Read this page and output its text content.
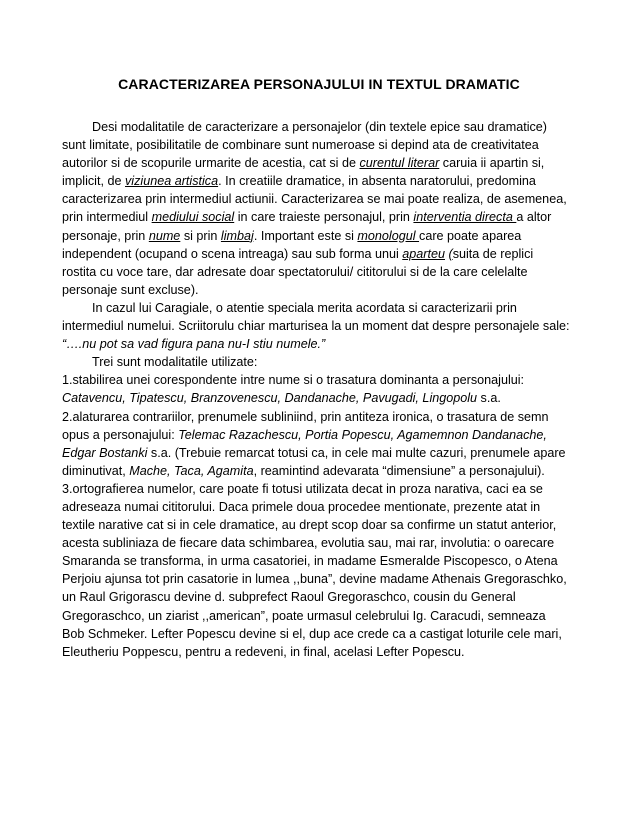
CARACTERIZAREA PERSONAJULUI IN TEXTUL DRAMATIC

Desi modalitatile de caracterizare a personajelor (din textele epice sau dramatice) sunt limitate, posibilitatile de combinare sunt numeroase si depind ata de creativitatea autorilor si de scopurile urmarite de acestia, cat si de curentul literar caruia ii apartin si, implicit, de viziunea artistica. In creatiile dramatice, in absenta naratorului, predomina caracterizarea prin intermediul actiunii. Caracterizarea se mai poate realiza, de asemenea, prin intermediul mediului social in care traieste personajul, prin interventia directa a altor personaje, prin nume si prin limbaj. Important este si monologul care poate aparea independent (ocupand o scena intreaga) sau sub forma unui aparteu (suita de replici rostita cu voce tare, dar adresate doar spectatorului/ cititorului si de la care celelalte personaje sunt excluse).

In cazul lui Caragiale, o atentie speciala merita acordata si caracterizarii prin intermediul numelui. Scriitorulu chiar marturisea la un moment dat despre personajele sale: “….nu pot sa vad figura pana nu-I stiu numele.”

Trei sunt modalitatile utilizate:

1.stabilirea unei corespondente intre nume si o trasatura dominanta a personajului: Catavencu, Tipatescu, Branzovenescu, Dandanache, Pavugadi, Lingopolu s.a.

2.alaturarea contrariilor, prenumele subliniind, prin antiteza ironica, o trasatura de semn opus a personajului: Telemac Razachescu, Portia Popescu, Agamemnon Dandanache, Edgar Bostanki s.a. (Trebuie remarcat totusi ca, in cele mai multe cazuri, prenumele apare diminutivat, Mache, Taca, Agamita, reamintind adevarata “dimensiune” a personajului).

3.ortografierea numelor, care poate fi totusi utilizata decat in proza narativa, caci ea se adreseaza numai cititorului. Daca primele doua procedee mentionate, prezente atat in textile narative cat si in cele dramatice, au drept scop doar sa confirme un statut anterior, acesta subliniaza de fiecare data schimbarea, evolutia sau, mai rar, involutia: o oarecare Smaranda se transforma, in urma casatoriei, in madame Esmeralde Piscopesco, o Atena Perjoiu ajunsa tot prin casatorie in lumea ,,buna”, devine madame Athenais Gregoraschko, un Raul Grigorascu devine d. subprefect Raoul Gregoraschco, cousin du General Gregoraschco, un ziarist ,,american”, poate urmasul celebrului Ig. Caracudi, semneaza Bob Schmeker. Lefter Popescu devine si el, dup ace crede ca a castigat loturile cele mari, Eleutheriu Poppescu, pentru a redeveni, in final, acelasi Lefter Popescu.
